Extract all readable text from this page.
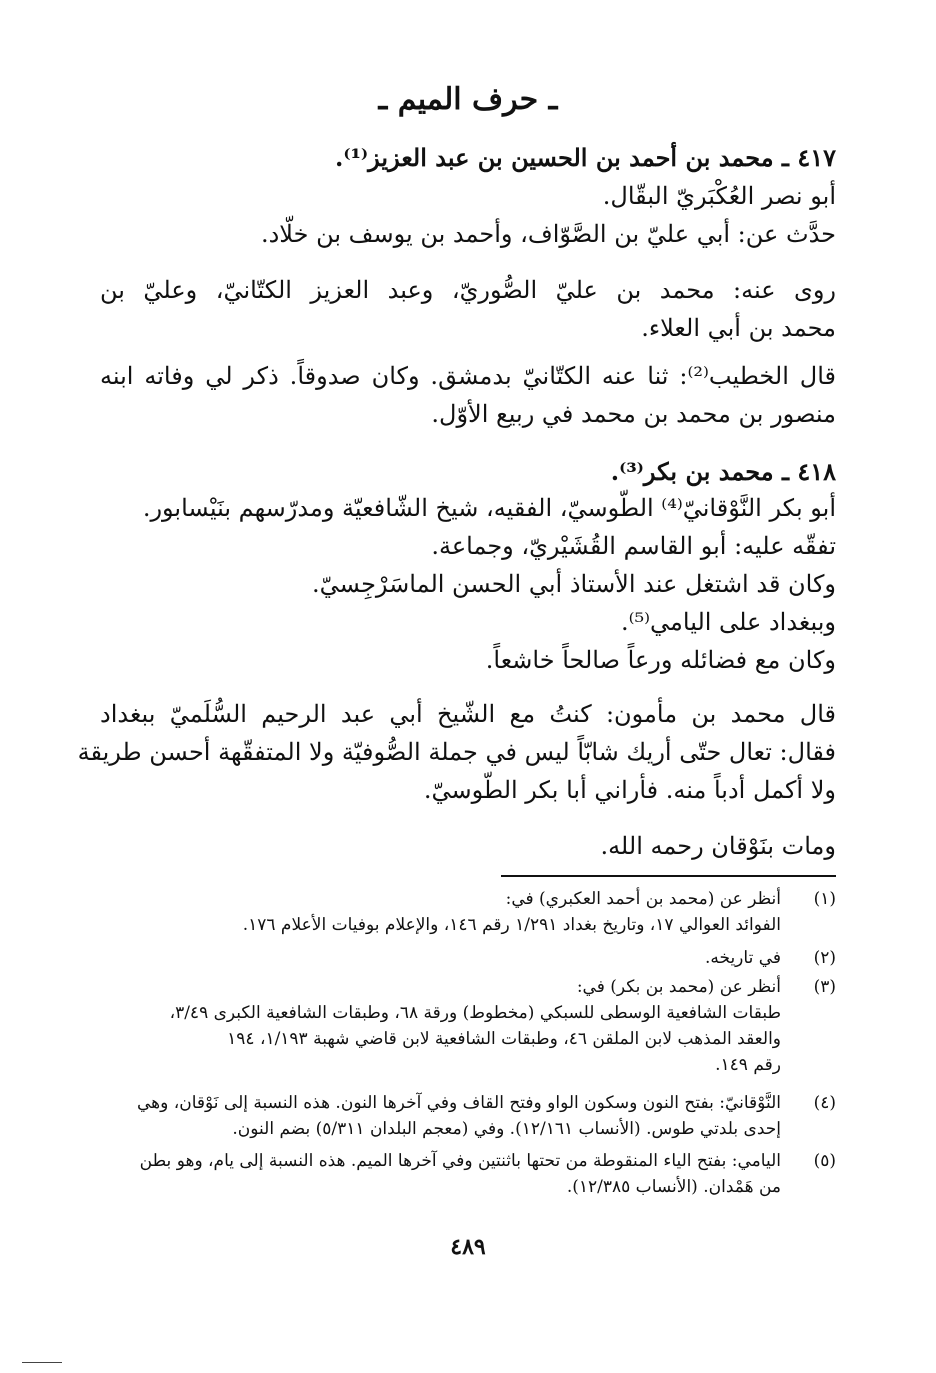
ـ حرف الميم ـ
٤١٧ ـ محمد بن أحمد بن الحسين بن عبد العزيز⁽¹⁾.
أبو نصر العُكْبَريّ البقّال.
حدَّث عن: أبي عليّ بن الصَّوّاف، وأحمد بن يوسف بن خلّاد.
روى عنه: محمد بن عليّ الصُّوريّ، وعبد العزيز الكتّانيّ، وعليّ بن
محمد بن أبي العلاء.
قال الخطيب⁽²⁾: ثنا عنه الكتّانيّ بدمشق. وكان صدوقاً. ذكر لي وفاته ابنه
منصور بن محمد بن محمد في ربيع الأوّل.
٤١٨ ـ محمد بن بكر⁽³⁾.
أبو بكر النَّوْقانيّ⁽⁴⁾ الطّوسيّ، الفقيه، شيخ الشّافعيّة ومدرّسهم بنَيْسابور.
تفقّه عليه: أبو القاسم القُشَيْريّ، وجماعة.
وكان قد اشتغل عند الأستاذ أبي الحسن الماسَرْجِسيّ.
وببغداد على اليامي⁽⁵⁾.
وكان مع فضائله ورعاً صالحاً خاشعاً.
قال محمد بن مأمون: كنتُ مع الشّيخ أبي عبد الرحيم السُّلَميّ ببغداد
فقال: تعال حتّى أريك شابّاً ليس في جملة الصُّوفيّة ولا المتفقّهة أحسن طريقة
ولا أكمل أدباً منه. فأراني أبا بكر الطّوسيّ.
ومات بنَوْقان رحمه الله.
(١)
أنظر عن (محمد بن أحمد العكبري) في:
الفوائد العوالي ١٧، وتاريخ بغداد ١/٢٩١ رقم ١٤٦، والإعلام بوفيات الأعلام ١٧٦.
(٢)
في تاريخه.
(٣)
أنظر عن (محمد بن بكر) في:
طبقات الشافعية الوسطى للسبكي (مخطوط) ورقة ٦٨، وطبقات الشافعية الكبرى ٣/٤٩،
والعقد المذهب لابن الملقن ٤٦، وطبقات الشافعية لابن قاضي شهبة ١/١٩٣، ١٩٤
رقم ١٤٩.
(٤)
النَّوْقانيّ: بفتح النون وسكون الواو وفتح القاف وفي آخرها النون. هذه النسبة إلى نَوْقان، وهي
إحدى بلدتي طوس. (الأنساب ١٢/١٦١). وفي (معجم البلدان ٥/٣١١) بضم النون.
(٥)
اليامي: بفتح الياء المنقوطة من تحتها باثنتين وفي آخرها الميم. هذه النسبة إلى يام، وهو بطن
من هَمْدان. (الأنساب ١٢/٣٨٥).
٤٨٩
